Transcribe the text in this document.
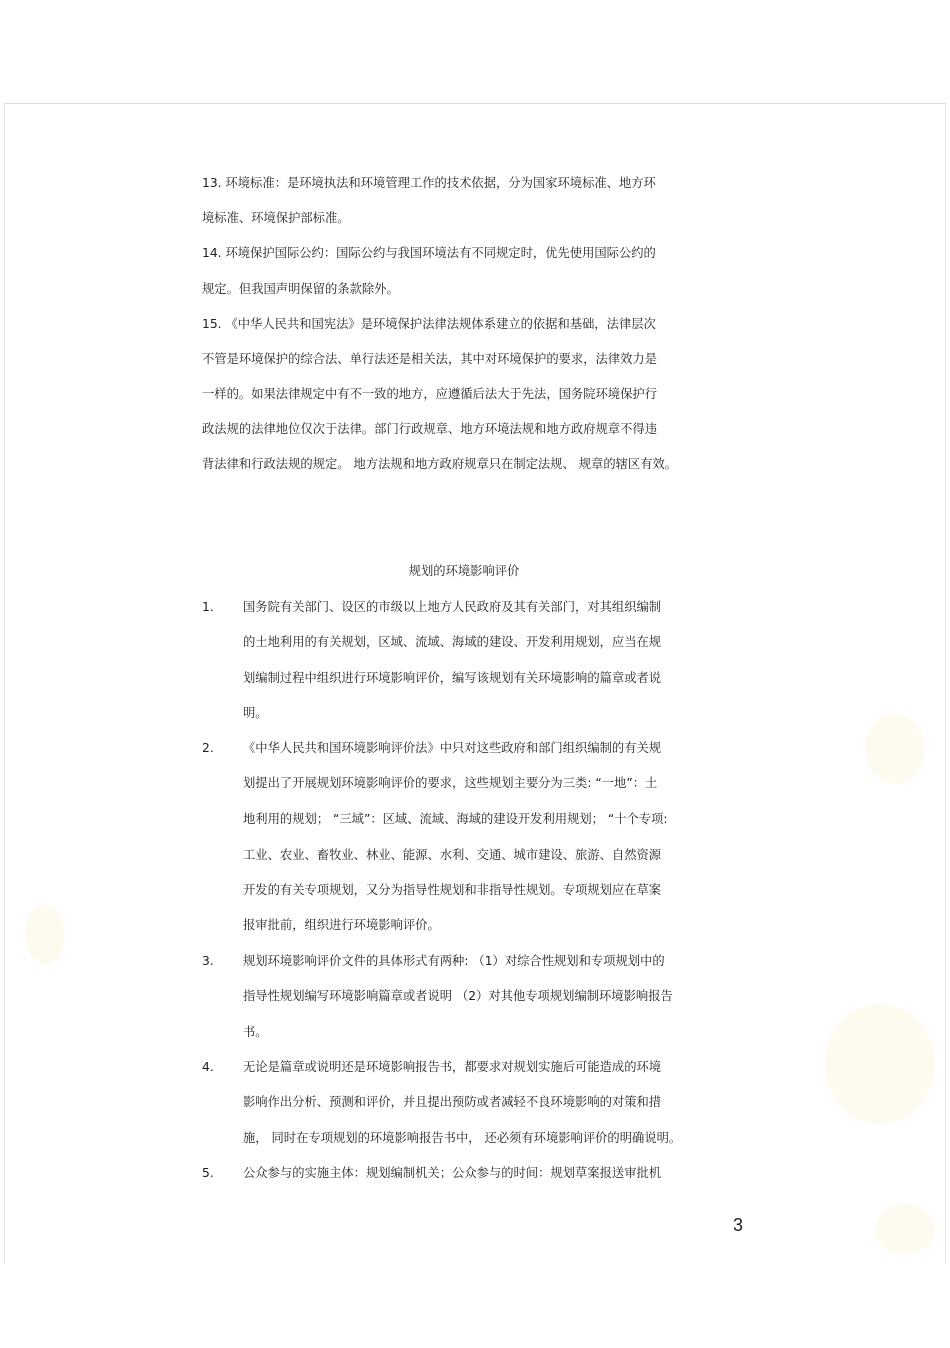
13. 环境标准：是环境执法和环境管理工作的技术依据，分为国家环境标准、地方环
境标准、环境保护部标准。
14. 环境保护国际公约：国际公约与我国环境法有不同规定时，优先使用国际公约的
规定。但我国声明保留的条款除外。
15. 《中华人民共和国宪法》是环境保护法律法规体系建立的依据和基础，法律层次
不管是环境保护的综合法、单行法还是相关法，其中对环境保护的要求，法律效力是
一样的。如果法律规定中有不一致的地方，应遵循后法大于先法，国务院环境保护行
政法规的法律地位仅次于法律。部门行政规章、地方环境法规和地方政府规章不得违
背法律和行政法规的规定。 地方法规和地方政府规章只在制定法规、 规章的辖区有效。
规划的环境影响评价
1. 国务院有关部门、设区的市级以上地方人民政府及其有关部门，对其组织编制
的土地利用的有关规划，区域、流域、海域的建设、开发利用规划，应当在规
划编制过程中组织进行环境影响评价，编写该规划有关环境影响的篇章或者说
明。
2. 《中华人民共和国环境影响评价法》中只对这些政府和部门组织编制的有关规
划提出了开展规划环境影响评价的要求，这些规划主要分为三类: “一地”：土
地利用的规划； “三域”：区域、流域、海域的建设开发利用规划； “十个专项:
工业、农业、畜牧业、林业、能源、水利、交通、城市建设、旅游、自然资源
开发的有关专项规划，又分为指导性规划和非指导性规划。专项规划应在草案
报审批前，组织进行环境影响评价。
3. 规划环境影响评价文件的具体形式有两种: （1）对综合性规划和专项规划中的
指导性规划编写环境影响篇章或者说明 （2）对其他专项规划编制环境影响报告
书。
4. 无论是篇章或说明还是环境影响报告书，都要求对规划实施后可能造成的环境
影响作出分析、预测和评价，并且提出预防或者减轻不良环境影响的对策和措
施， 同时在专项规划的环境影响报告书中， 还必须有环境影响评价的明确说明。
5. 公众参与的实施主体：规划编制机关；公众参与的时间：规划草案报送审批机
3
